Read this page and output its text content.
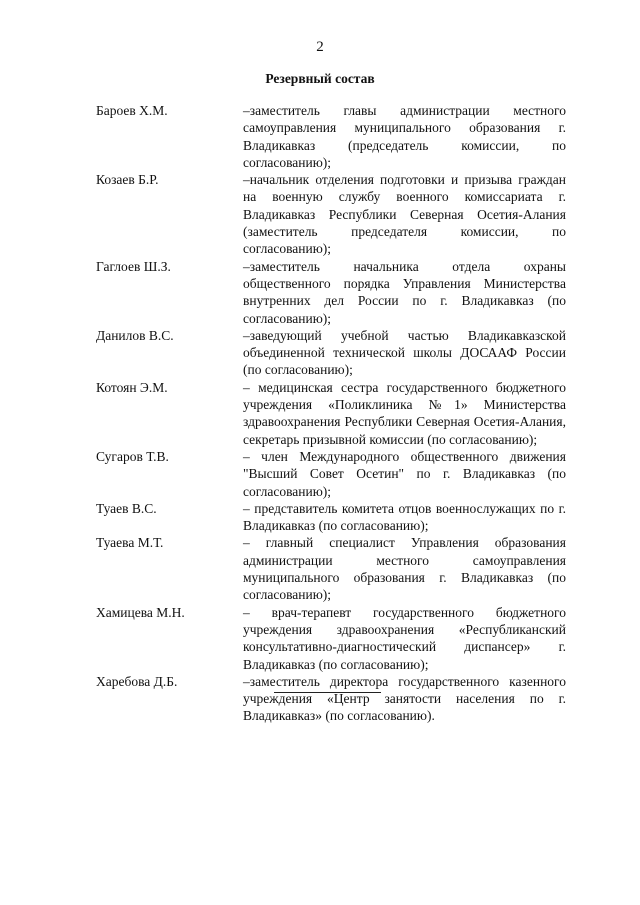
2
Резервный состав
Бароев Х.М.	–заместитель главы администрации местного самоуправления муниципального образования г. Владикавказ (председатель комиссии, по согласованию);
Козаев Б.Р.	–начальник отделения подготовки и призыва граждан на военную службу военного комиссариата г. Владикавказ Республики Северная Осетия-Алания (заместитель председателя комиссии, по согласованию);
Гаглоев Ш.З.	–заместитель начальника отдела охраны общественного порядка Управления Министерства внутренних дел России по г. Владикавказ (по согласованию);
Данилов В.С.	–заведующий учебной частью Владикавказской объединенной технической школы ДОСААФ России (по согласованию);
Котоян Э.М.	– медицинская сестра государственного бюджетного учреждения «Поликлиника №1» Министерства здравоохранения Республики Северная Осетия-Алания, секретарь призывной комиссии (по согласованию);
Сугаров Т.В.	– член Международного общественного движения "Высший Совет Осетин" по г. Владикавказ (по согласованию);
Туаев В.С.	– представитель комитета отцов военнослужащих по г. Владикавказ (по согласованию);
Туаева М.Т.	– главный специалист Управления образования администрации местного самоуправления муниципального образования г. Владикавказ (по согласованию);
Хамицева М.Н.	– врач-терапевт государственного бюджетного учреждения здравоохранения «Республиканский консультативно-диагностический диспансер» г. Владикавказ (по согласованию);
Харебова Д.Б.	–заместитель директора государственного казенного учреждения «Центр занятости населения по г. Владикавказ» (по согласованию).
